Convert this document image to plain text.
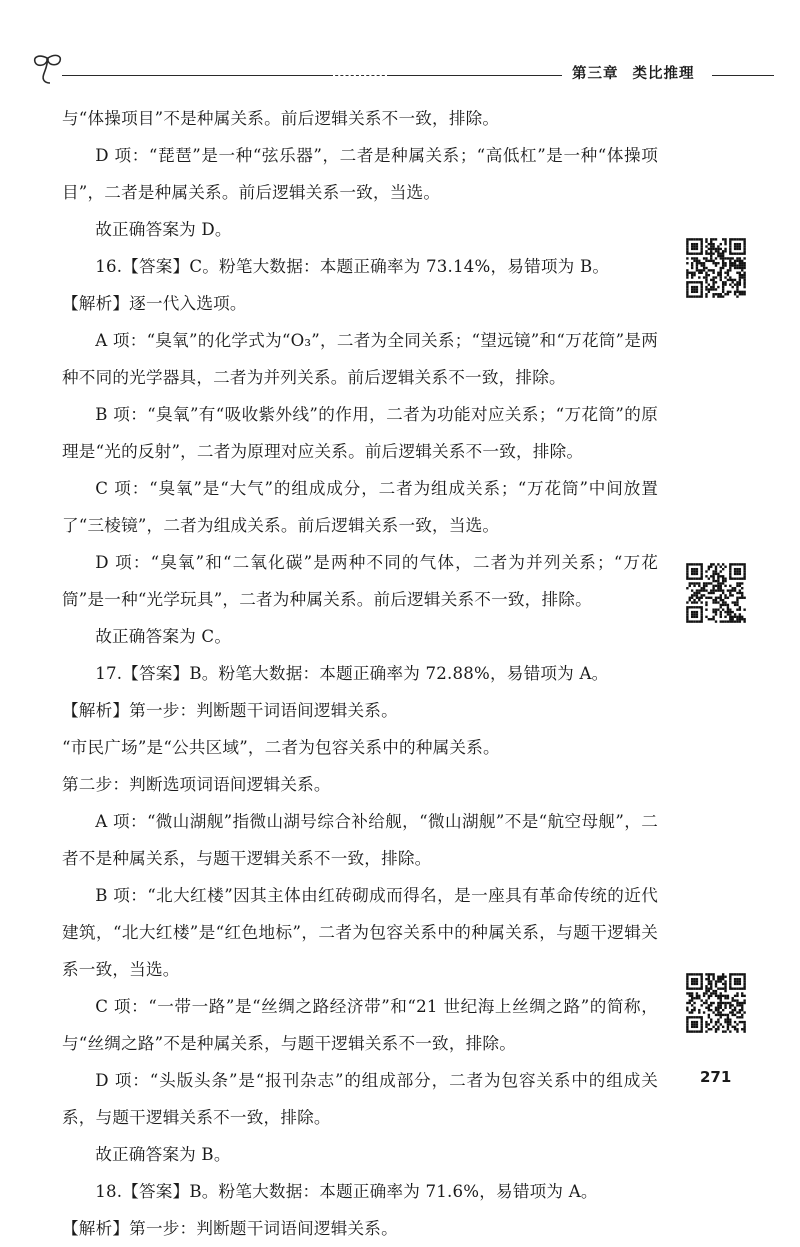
第三章 类比推理

与“体操项目”不是种属关系。前后逻辑关系不一致，排除。

D 项：“琵琶”是一种“弦乐器”，二者是种属关系；“高低杠”是一种“体操项目”，二者是种属关系。前后逻辑关系一致，当选。

故正确答案为 D。

16.【答案】C。粉笔大数据：本题正确率为 73.14%，易错项为 B。

【解析】逐一代入选项。

A 项：“臭氧”的化学式为“O₃”，二者为全同关系；“望远镜”和“万花筒”是两种不同的光学器具，二者为并列关系。前后逻辑关系不一致，排除。

B 项：“臭氧”有“吸收紫外线”的作用，二者为功能对应关系；“万花筒”的原理是“光的反射”，二者为原理对应关系。前后逻辑关系不一致，排除。

C 项：“臭氧”是“大气”的组成成分，二者为组成关系；“万花筒”中间放置了“三棱镜”，二者为组成关系。前后逻辑关系一致，当选。

D 项：“臭氧”和“二氧化碳”是两种不同的气体，二者为并列关系；“万花筒”是一种“光学玩具”，二者为种属关系。前后逻辑关系不一致，排除。

故正确答案为 C。

17.【答案】B。粉笔大数据：本题正确率为 72.88%，易错项为 A。

【解析】第一步：判断题干词语间逻辑关系。

“市民广场”是“公共区域”，二者为包容关系中的种属关系。

第二步：判断选项词语间逻辑关系。

A 项：“微山湖舰”指微山湖号综合补给舰，“微山湖舰”不是“航空母舰”，二者不是种属关系，与题干逻辑关系不一致，排除。

B 项：“北大红楼”因其主体由红砖砌成而得名，是一座具有革命传统的近代建筑，“北大红楼”是“红色地标”，二者为包容关系中的种属关系，与题干逻辑关系一致，当选。

C 项：“一带一路”是“丝绸之路经济带”和“21 世纪海上丝绸之路”的简称，与“丝绸之路”不是种属关系，与题干逻辑关系不一致，排除。

D 项：“头版头条”是“报刊杂志”的组成部分，二者为包容关系中的组成关系，与题干逻辑关系不一致，排除。

故正确答案为 B。

18.【答案】B。粉笔大数据：本题正确率为 71.6%，易错项为 A。

【解析】第一步：判断题干词语间逻辑关系。

271
